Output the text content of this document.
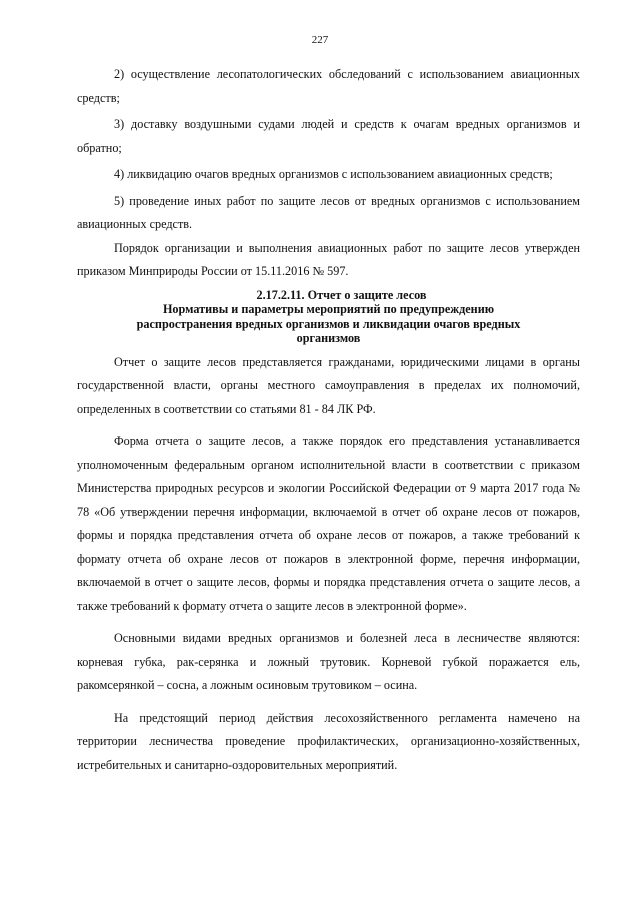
227

2) осуществление лесопатологических обследований с использованием авиационных средств;

3) доставку воздушными судами людей и средств к очагам вредных организмов и обратно;

4) ликвидацию очагов вредных организмов с использованием авиационных средств;

5) проведение иных работ по защите лесов от вредных организмов с использованием авиационных средств.

Порядок организации и выполнения авиационных работ по защите лесов утвержден приказом Минприроды России от 15.11.2016 № 597.

2.17.2.11. Отчет о защите лесов

Нормативы и параметры мероприятий по предупреждению

распространения вредных организмов и ликвидации очагов вредных

организмов

Отчет о защите лесов представляется гражданами, юридическими лицами в органы государственной власти, органы местного самоуправления в пределах их полномочий, определенных в соответствии со статьями 81 - 84 ЛК РФ.

Форма отчета о защите лесов, а также порядок его представления устанавливается уполномоченным федеральным органом исполнительной власти в соответствии с приказом Министерства природных ресурсов и экологии Российской Федерации от 9 марта 2017 года № 78 «Об утверждении перечня информации, включаемой в отчет об охране лесов от пожаров, формы и порядка представления отчета об охране лесов от пожаров, а также требований к формату отчета об охране лесов от пожаров в электронной форме, перечня информации, включаемой в отчет о защите лесов, формы и порядка представления отчета о защите лесов, а также требований к формату отчета о защите лесов в электронной форме».

Основными видами вредных организмов и болезней леса в лесничестве являются: корневая губка, рак-серянка и ложный трутовик. Корневой губкой поражается ель, ракомсерянкой – сосна, а ложным осиновым трутовиком – осина.

На предстоящий период действия лесохозяйственного регламента намечено на территории лесничества проведение профилактических, организационно-хозяйственных, истребительных и санитарно-оздоровительных мероприятий.
